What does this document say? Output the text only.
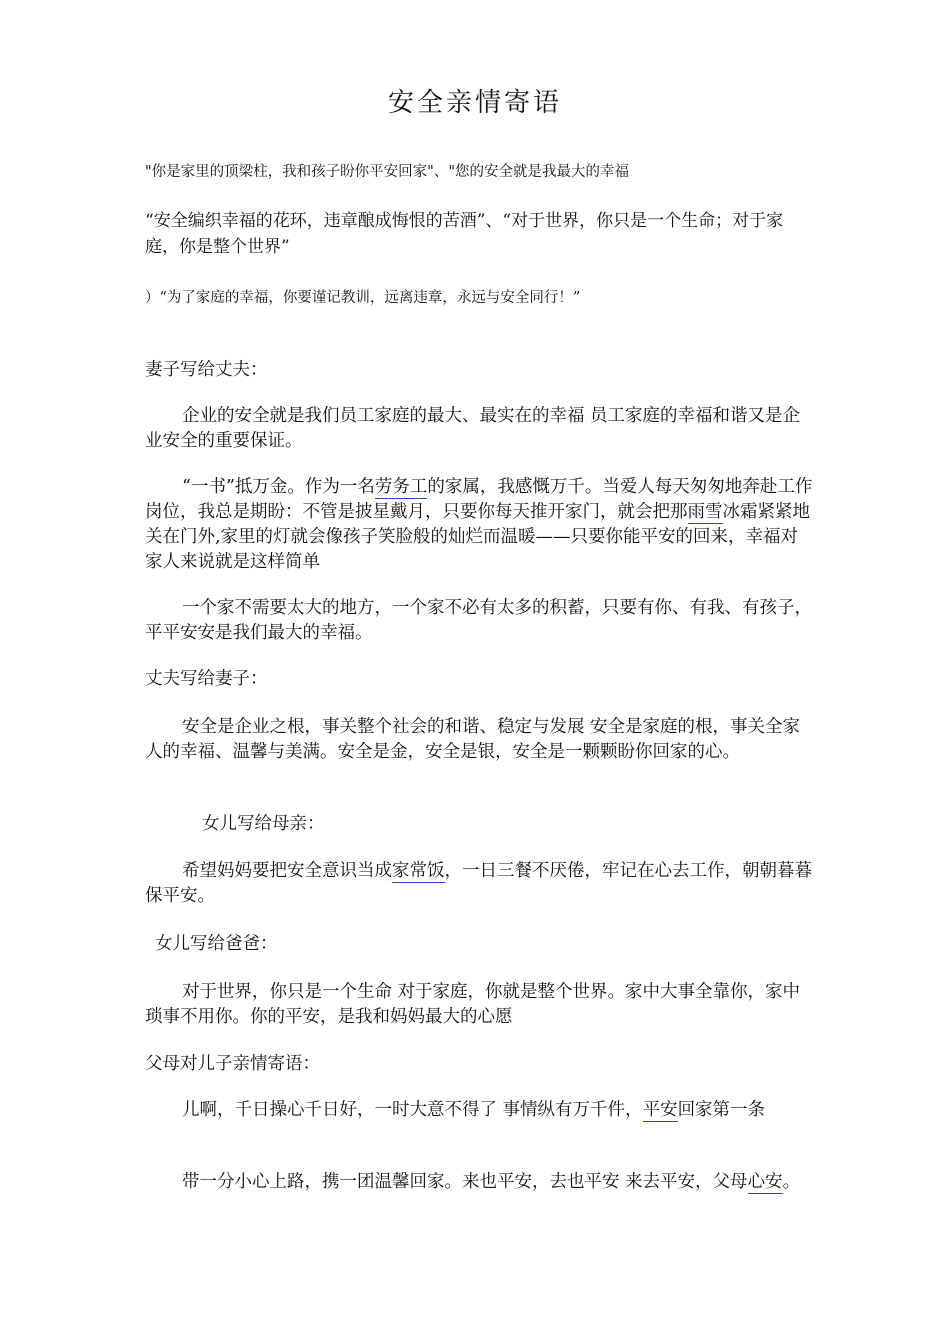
安全亲情寄语

"你是家里的顶梁柱，我和孩子盼你平安回家"、"您的安全就是我最大的幸福

“安全编织幸福的花环，违章酿成悔恨的苦酒”、“对于世界，你只是一个生命；对于家庭，你是整个世界”

）“为了家庭的幸福，你要谨记教训，远离违章，永远与安全同行！”

妻子写给丈夫：

企业的安全就是我们员工家庭的最大、最实在的幸福 员工家庭的幸福和谐又是企业安全的重要保证。

“一书”抵万金。作为一名劳务工的家属，我感慨万千。当爱人每天匆匆地奔赴工作岗位，我总是期盼：不管是披星戴月，只要你每天推开家门，就会把那雨雪冰霜紧紧地关在门外,家里的灯就会像孩子笑脸般的灿烂而温暖——只要你能平安的回来，幸福对家人来说就是这样简单

一个家不需要太大的地方，一个家不必有太多的积蓄，只要有你、有我、有孩子，平平安安是我们最大的幸福。

丈夫写给妻子：

安全是企业之根，事关整个社会的和谐、稳定与发展 安全是家庭的根，事关全家人的幸福、温馨与美满。安全是金，安全是银，安全是一颗颗盼你回家的心。

女儿写给母亲：

希望妈妈要把安全意识当成家常饭，一日三餐不厌倦，牢记在心去工作，朝朝暮暮保平安。

女儿写给爸爸：

对于世界，你只是一个生命 对于家庭，你就是整个世界。家中大事全靠你，家中琐事不用你。你的平安，是我和妈妈最大的心愿

父母对儿子亲情寄语：

儿啊，千日操心千日好，一时大意不得了 事情纵有万千件，平安回家第一条

带一分小心上路，携一团温馨回家。来也平安，去也平安 来去平安，父母心安。
